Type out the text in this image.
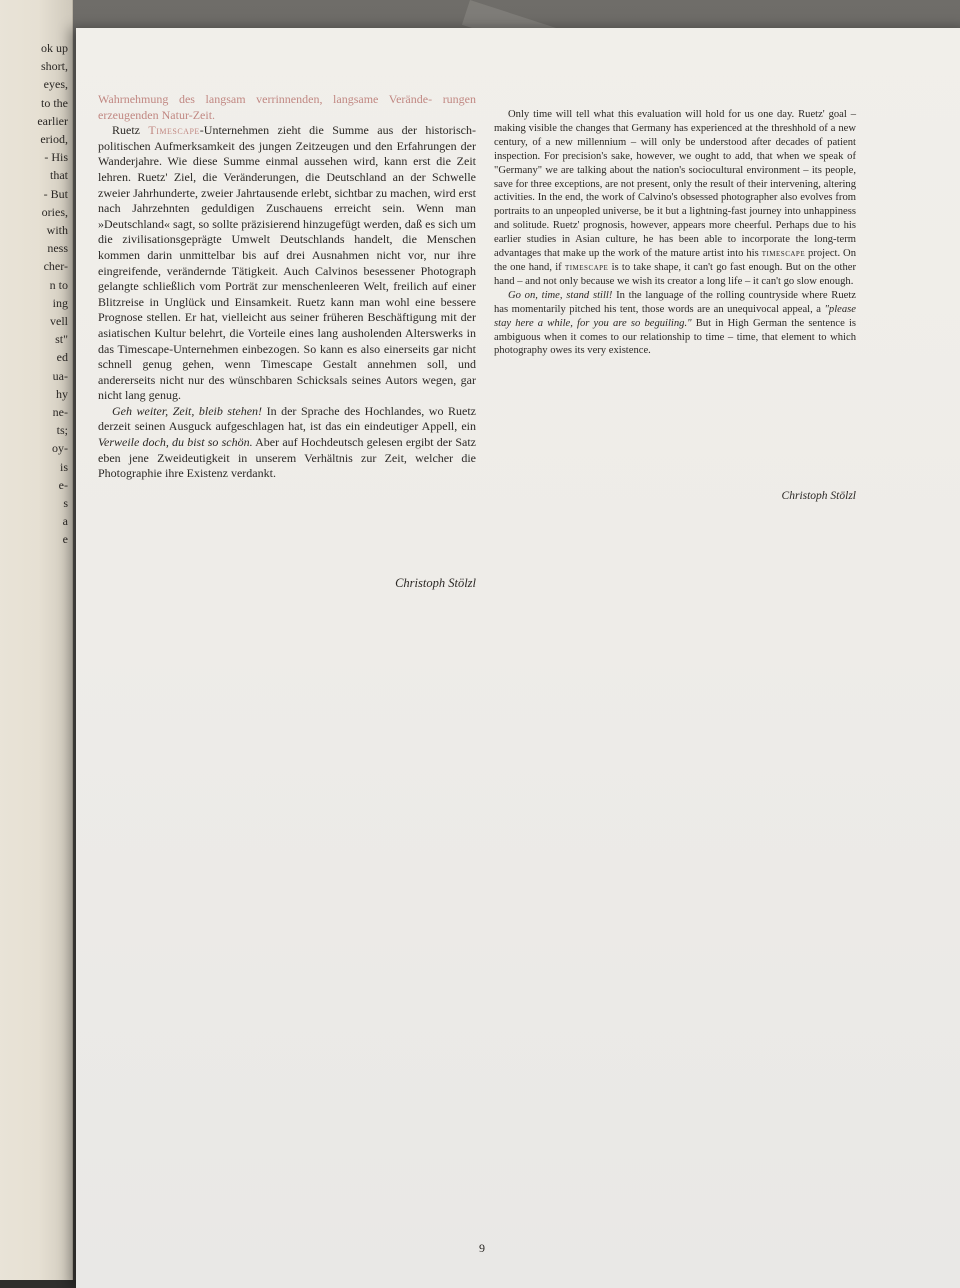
ok up
short,
eyes,
to the
earlier
eriod,
- His
that
- But
ories,
with
ness
cher-
n to
ing
vell
st"
ed
ua-
hy
ne-
ts;
oy-
is
e-
s
a
e

Wahrnehmung des langsam verrinnenden, langsame Verände- rungen erzeugenden Natur-Zeit.

Ruetz Timescape-Unternehmen zieht die Summe aus der historisch-politischen Aufmerksamkeit des jungen Zeitzeugen und den Erfahrungen der Wanderjahre. Wie diese Summe einmal aussehen wird, kann erst die Zeit lehren. Ruetz' Ziel, die Veränderungen, die Deutschland an der Schwelle zweier Jahrhunderte, zweier Jahrtausende erlebt, sichtbar zu machen, wird erst nach Jahrzehnten geduldigen Zuschauens erreicht sein. Wenn man »Deutschland« sagt, so sollte präzisierend hinzugefügt werden, daß es sich um die zivilisationsgeprägte Umwelt Deutschlands handelt, die Menschen kommen darin unmittelbar bis auf drei Ausnahmen nicht vor, nur ihre eingreifende, verändernde Tätigkeit. Auch Calvinos besessener Photograph gelangte schließlich vom Porträt zur menschenleeren Welt, freilich auf einer Blitzreise in Unglück und Einsamkeit. Ruetz kann man wohl eine bessere Prognose stellen. Er hat, vielleicht aus seiner früheren Beschäftigung mit der asiatischen Kultur belehrt, die Vorteile eines lang ausholenden Alterswerks in das Timescape-Unternehmen einbezogen. So kann es also einerseits gar nicht schnell genug gehen, wenn Timescape Gestalt annehmen soll, und andererseits nicht nur des wünschbaren Schicksals seines Autors wegen, gar nicht lang genug.

Geh weiter, Zeit, bleib stehen! In der Sprache des Hochlandes, wo Ruetz derzeit seinen Ausguck aufgeschlagen hat, ist das ein eindeutiger Appell, ein Verweile doch, du bist so schön. Aber auf Hochdeutsch gelesen ergibt der Satz eben jene Zweideutigkeit in unserem Verhältnis zur Zeit, welcher die Photographie ihre Existenz verdankt.

Christoph Stölzl

Only time will tell what this evaluation will hold for us one day. Ruetz' goal – making visible the changes that Germany has experienced at the threshhold of a new century, of a new millennium – will only be understood after decades of patient inspection. For precision's sake, however, we ought to add, that when we speak of "Germany" we are talking about the nation's sociocultural environment – its people, save for three exceptions, are not present, only the result of their intervening, altering activities. In the end, the work of Calvino's obsessed photographer also evolves from portraits to an unpeopled universe, be it but a lightning-fast journey into unhappiness and solitude. Ruetz' prognosis, however, appears more cheerful. Perhaps due to his earlier studies in Asian culture, he has been able to incorporate the long-term advantages that make up the work of the mature artist into his timescape project. On the one hand, if timescape is to take shape, it can't go fast enough. But on the other hand – and not only because we wish its creator a long life – it can't go slow enough.

Go on, time, stand still! In the language of the rolling countryside where Ruetz has momentarily pitched his tent, those words are an unequivocal appeal, a "please stay here a while, for you are so beguiling." But in High German the sentence is ambiguous when it comes to our relationship to time – time, that element to which photography owes its very existence.

Christoph Stölzl
9
